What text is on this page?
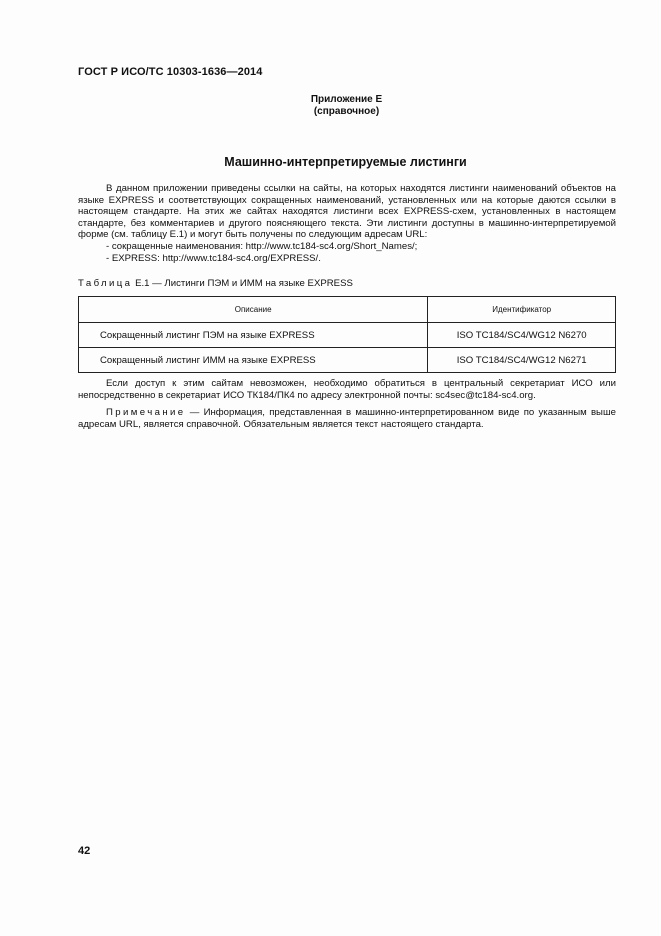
ГОСТ Р ИСО/ТС 10303-1636—2014
Приложение Е
(справочное)
Машинно-интерпретируемые листинги

В данном приложении приведены ссылки на сайты, на которых находятся листинги наименований объектов на языке EXPRESS и соответствующих сокращенных наименований, установленных или на которые даются ссылки в настоящем стандарте. На этих же сайтах находятся листинги всех EXPRESS-схем, установленных в настоящем стандарте, без комментариев и другого поясняющего текста. Эти листинги доступны в машинно-интерпретируемой форме (см. таблицу Е.1) и могут быть получены по следующим адресам URL:

- сокращенные наименования: http://www.tc184-sc4.org/Short_Names/;

- EXPRESS: http://www.tc184-sc4.org/EXPRESS/.

Таблица Е.1 — Листинги ПЭМ и ИММ на языке EXPRESS
Описание	Идентификатор
Сокращенный листинг ПЭМ на языке EXPRESS	ISO TC184/SC4/WG12 N6270
Сокращенный листинг ИММ на языке EXPRESS	ISO TC184/SC4/WG12 N6271

Если доступ к этим сайтам невозможен, необходимо обратиться в центральный секретариат ИСО или непосредственно в секретариат ИСО ТК184/ПК4 по адресу электронной почты: sc4sec@tc184-sc4.org.

Примечание — Информация, представленная в машинно-интерпретированном виде по указанным выше адресам URL, является справочной. Обязательным является текст настоящего стандарта.

42
